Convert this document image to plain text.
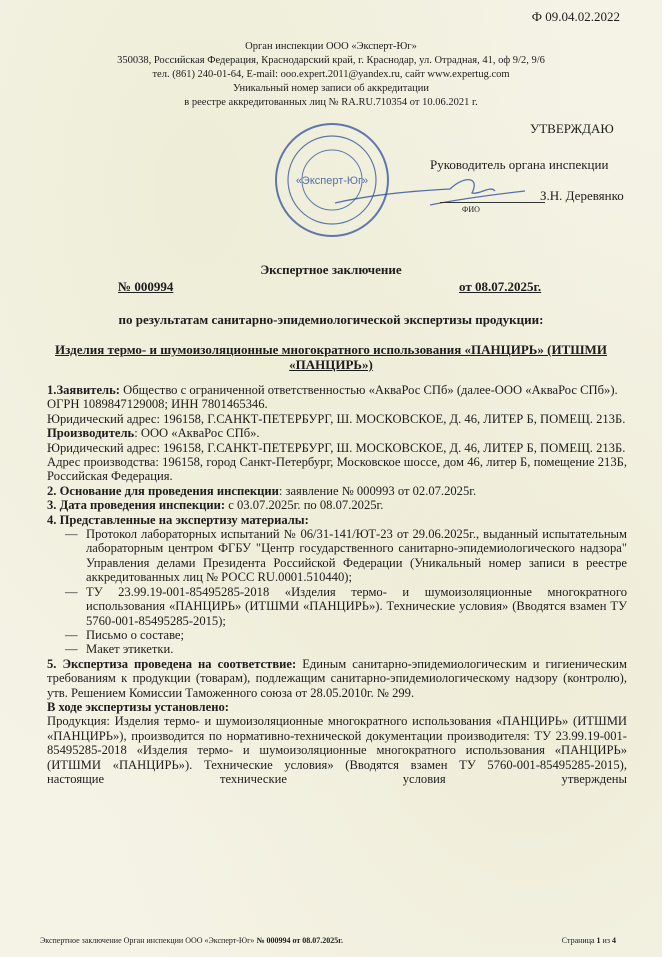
Ф 09.04.02.2022
Орган инспекции ООО «Эксперт-Юг»
350038, Российская Федерация, Краснодарский край, г. Краснодар, ул. Отрадная, 41, оф 9/2, 9/6
тел. (861) 240-01-64, E-mail: ooo.expert.2011@yandex.ru, сайт www.expertug.com
Уникальный номер записи об аккредитации
в реестре аккредитованных лиц № RA.RU.710354 от 10.06.2021 г.
«Эксперт-Юг»
УТВЕРЖДАЮ
Руководитель органа инспекции
З.Н. Деревянко
ФИО
Экспертное заключение
№ 000994	от 08.07.2025г.
по результатам санитарно-эпидемиологической экспертизы продукции:
Изделия термо- и шумоизоляционные многократного использования «ПАНЦИРЬ» (ИТШМИ «ПАНЦИРЬ»)

1.Заявитель: Общество с ограниченной ответственностью «АкваРос СПб» (далее-ООО «АкваРос СПб»).

ОГРН 1089847129008; ИНН 7801465346.

Юридический адрес: 196158, Г.САНКТ-ПЕТЕРБУРГ, Ш. МОСКОВСКОЕ, Д. 46, ЛИТЕР Б, ПОМЕЩ. 213Б.

Производитель: ООО «АкваРос СПб».

Юридический адрес: 196158, Г.САНКТ-ПЕТЕРБУРГ, Ш. МОСКОВСКОЕ, Д. 46, ЛИТЕР Б, ПОМЕЩ. 213Б.

Адрес производства: 196158, город Санкт-Петербург, Московское шоссе, дом 46, литер Б, помещение 213Б, Российская Федерация.

2. Основание для проведения инспекции: заявление № 000993 от 02.07.2025г.

3. Дата проведения инспекции: с 03.07.2025г. по 08.07.2025г.

4. Представленные на экспертизу материалы:

— Протокол лабораторных испытаний № 06/31-141/ЮТ-23 от 29.06.2025г., выданный испытательным лабораторным центром ФГБУ "Центр государственного санитарно-эпидемиологического надзора" Управления делами Президента Российской Федерации (Уникальный номер записи в реестре аккредитованных лиц № РОСС RU.0001.510440);
— ТУ 23.99.19-001-85495285-2018 «Изделия термо- и шумоизоляционные многократного использования «ПАНЦИРЬ» (ИТШМИ «ПАНЦИРЬ»). Технические условия» (Вводятся взамен ТУ 5760-001-85495285-2015);
— Письмо о составе;
— Макет этикетки.

5. Экспертиза проведена на соответствие: Единым санитарно-эпидемиологическим и гигиеническим требованиям к продукции (товарам), подлежащим санитарно-эпидемиологическому надзору (контролю), утв. Решением Комиссии Таможенного союза от 28.05.2010г. № 299.

В ходе экспертизы установлено:

Продукция: Изделия термо- и шумоизоляционные многократного использования «ПАНЦИРЬ» (ИТШМИ «ПАНЦИРЬ»), производится по нормативно-технической документации производителя: ТУ 23.99.19-001-85495285-2018 «Изделия термо- и шумоизоляционные многократного использования «ПАНЦИРЬ» (ИТШМИ «ПАНЦИРЬ»). Технические условия» (Вводятся взамен ТУ 5760-001-85495285-2015), настоящие технические условия утверждены

Экспертное заключение Орган инспекции ООО «Эксперт-Юг» № 000994 от 08.07.2025г.	Страница 1 из 4
